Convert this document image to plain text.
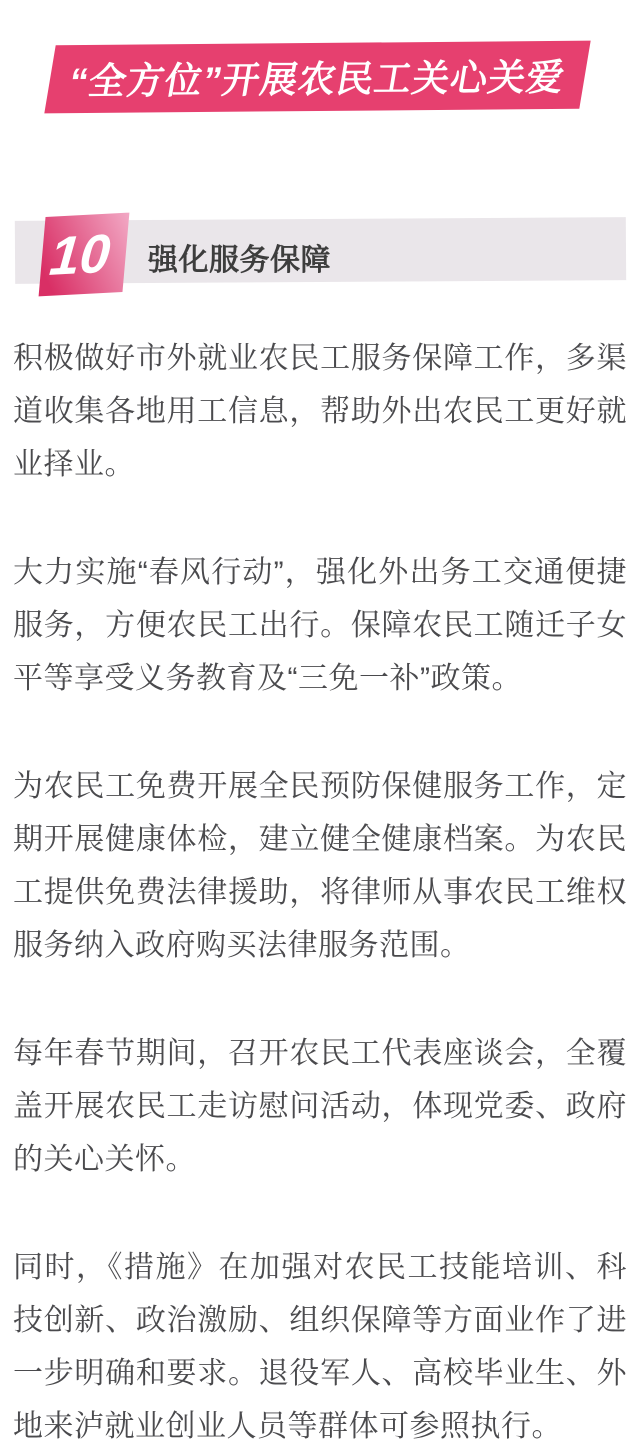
“全方位”开展农民工关心关爱
10 强化服务保障

积极做好市外就业农民工服务保障工作，多渠道收集各地用工信息，帮助外出农民工更好就业择业。

大力实施“春风行动”，强化外出务工交通便捷服务，方便农民工出行。保障农民工随迁子女平等享受义务教育及“三免一补”政策。

为农民工免费开展全民预防保健服务工作，定期开展健康体检，建立健全健康档案。为农民工提供免费法律援助，将律师从事农民工维权服务纳入政府购买法律服务范围。

每年春节期间，召开农民工代表座谈会，全覆盖开展农民工走访慰问活动，体现党委、政府的关心关怀。

同时，《措施》在加强对农民工技能培训、科技创新、政治激励、组织保障等方面业作了进一步明确和要求。退役军人、高校毕业生、外地来泸就业创业人员等群体可参照执行。
